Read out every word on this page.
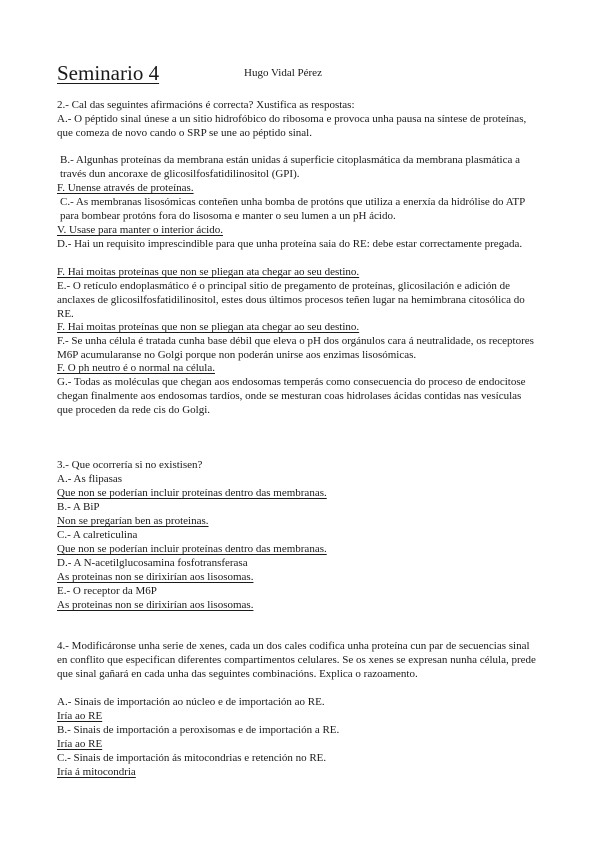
Seminario 4	Hugo Vidal Pérez

2.- Cal das seguintes afirmacións é correcta? Xustifica as respostas:

A.- O péptido sinal únese a un sitio hidrofóbico do ribosoma e provoca unha pausa na síntese de proteínas, que comeza de novo cando o SRP se une ao péptido sinal.

B.- Algunhas proteínas da membrana están unidas á superficie citoplasmática da membrana plasmática a través dun ancoraxe de glicosilfosfatidilinositol (GPI).

F. Unense através de proteínas.

C.- As membranas lisosómicas conteñen unha bomba de protóns que utiliza a enerxía da hidrólise do ATP para bombear protóns fora do lisosoma e manter o seu lumen a un pH ácido.

V. Usase para manter o interior ácido.

D.- Hai un requisito imprescindible para que unha proteína saia do RE: debe estar correctamente pregada.

F. Hai moitas proteínas que non se pliegan ata chegar ao seu destino.

E.- O retículo endoplasmático é o principal sitio de pregamento de proteínas, glicosilación e adición de anclaxes de glicosilfosfatidilinositol, estes dous últimos procesos teñen lugar na hemimbrana citosólica do RE.

F. Hai moitas proteínas que non se pliegan ata chegar ao seu destino.

F.- Se unha célula é tratada cunha base débil que eleva o pH dos orgánulos cara á neutralidade, os receptores M6P acumularanse no Golgi porque non poderán unirse aos enzimas lisosómicas.

F. O ph neutro é o normal na célula.

G.- Todas as moléculas que chegan aos endosomas temperás como consecuencia do proceso de endocitose chegan finalmente aos endosomas tardíos, onde se mesturan coas hidrolases ácidas contidas nas vesículas que proceden da rede cis do Golgi.

3.- Que ocorrería si no existisen?

A.- As flipasas

Que non se poderían incluir proteínas dentro das membranas.

B.- A BiP

Non se pregarían ben as proteinas.

C.- A calreticulina

Que non se poderían incluir proteínas dentro das membranas.

D.- A N-acetilglucosamina fosfotransferasa

As proteinas non se dirixirían aos lisosomas.

E.- O receptor da M6P

As proteinas non se dirixirían aos lisosomas.

4.- Modificáronse unha serie de xenes, cada un dos cales codifica unha proteína cun par de secuencias sinal en conflito que especifican diferentes compartimentos celulares. Se os xenes se expresan nunha célula, prede que sinal gañará en cada unha das seguintes combinacións. Explica o razoamento.

A.- Sinais de importación ao núcleo e de importación ao RE.

Iría ao RE

B.- Sinais de importación a peroxisomas e de importación a RE.

Iría ao RE

C.- Sinais de importación ás mitocondrias e retención no RE.

Iría á mitocondria
